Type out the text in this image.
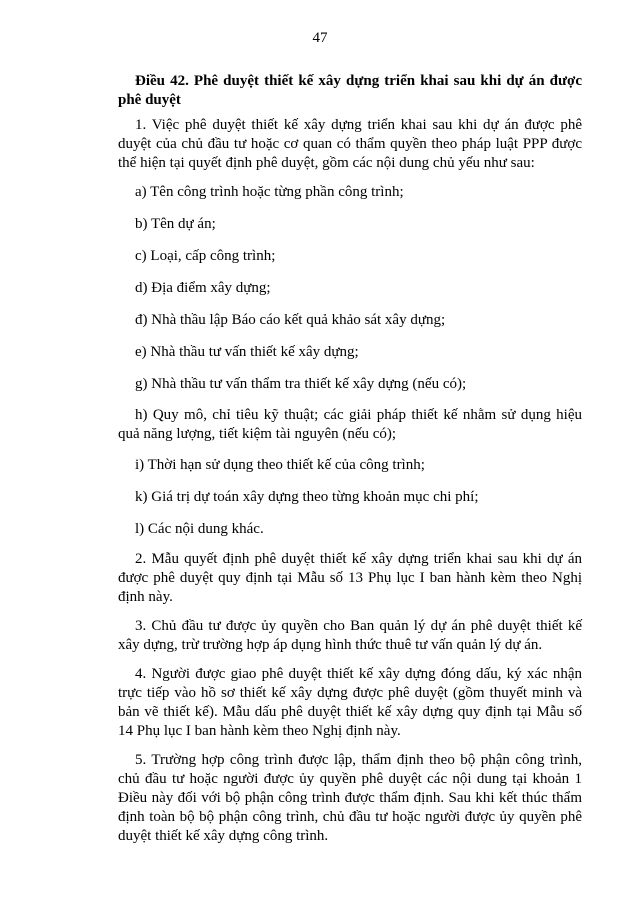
47

Điều 42. Phê duyệt thiết kế xây dựng triển khai sau khi dự án được phê duyệt

1. Việc phê duyệt thiết kế xây dựng triển khai sau khi dự án được phê duyệt của chủ đầu tư hoặc cơ quan có thẩm quyền theo pháp luật PPP được thể hiện tại quyết định phê duyệt, gồm các nội dung chủ yếu như sau:

a) Tên công trình hoặc từng phần công trình;

b) Tên dự án;

c) Loại, cấp công trình;

d) Địa điểm xây dựng;

đ) Nhà thầu lập Báo cáo kết quả khảo sát xây dựng;

e) Nhà thầu tư vấn thiết kế xây dựng;

g) Nhà thầu tư vấn thẩm tra thiết kế xây dựng (nếu có);

h) Quy mô, chỉ tiêu kỹ thuật; các giải pháp thiết kế nhằm sử dụng hiệu quả năng lượng, tiết kiệm tài nguyên (nếu có);

i) Thời hạn sử dụng theo thiết kế của công trình;

k) Giá trị dự toán xây dựng theo từng khoản mục chi phí;

l) Các nội dung khác.

2. Mẫu quyết định phê duyệt thiết kế xây dựng triển khai sau khi dự án được phê duyệt quy định tại Mẫu số 13 Phụ lục I ban hành kèm theo Nghị định này.

3. Chủ đầu tư được ủy quyền cho Ban quản lý dự án phê duyệt thiết kế xây dựng, trừ trường hợp áp dụng hình thức thuê tư vấn quản lý dự án.

4. Người được giao phê duyệt thiết kế xây dựng đóng dấu, ký xác nhận trực tiếp vào hồ sơ thiết kế xây dựng được phê duyệt (gồm thuyết minh và bản vẽ thiết kế). Mẫu dấu phê duyệt thiết kế xây dựng quy định tại Mẫu số 14 Phụ lục I ban hành kèm theo Nghị định này.

5. Trường hợp công trình được lập, thẩm định theo bộ phận công trình, chủ đầu tư hoặc người được ủy quyền phê duyệt các nội dung tại khoản 1 Điều này đối với bộ phận công trình được thẩm định. Sau khi kết thúc thẩm định toàn bộ bộ phận công trình, chủ đầu tư hoặc người được ủy quyền phê duyệt thiết kế xây dựng công trình.
